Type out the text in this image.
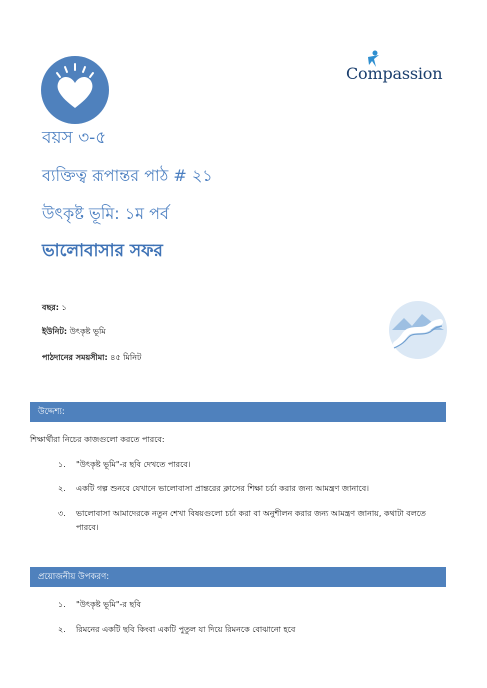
Compassion
বয়স ৩-৫
ব্যক্তিত্ব রূপান্তর পাঠ # ২১
উৎকৃষ্ট ভূমি: ১ম পর্ব
ভালোবাসার সফর
বছর: ১
ইউনিট: উৎকৃষ্ট ভূমি
পাঠদানের সময়সীমা: ৪৫ মিনিট
উদ্দেশ্য:
শিক্ষার্থীরা নিচের কাজগুলো করতে পারবে:
১.	"উৎকৃষ্ট ভূমি"-র ছবি দেখতে পারবে।
২.	একটি গল্প শুনবে যেখানে ভালোবাসা প্রান্তরের ক্লাসের শিক্ষা চর্চা করার জন্য আমন্ত্রণ জানাবে।
৩.	ভালোবাসা আমাদেরকে নতুন শেখা বিষয়গুলো চর্চা করা বা অনুশীলন করার জন্য আমন্ত্রণ জানায়, কথাটা বলতে পারবে।
প্রয়োজনীয় উপকরণ:
১.	"উৎকৃষ্ট ভূমি"-র ছবি
২.	রিমনের একটি ছবি কিংবা একটি পুতুল যা দিয়ে রিমনকে বোঝানো হবে
